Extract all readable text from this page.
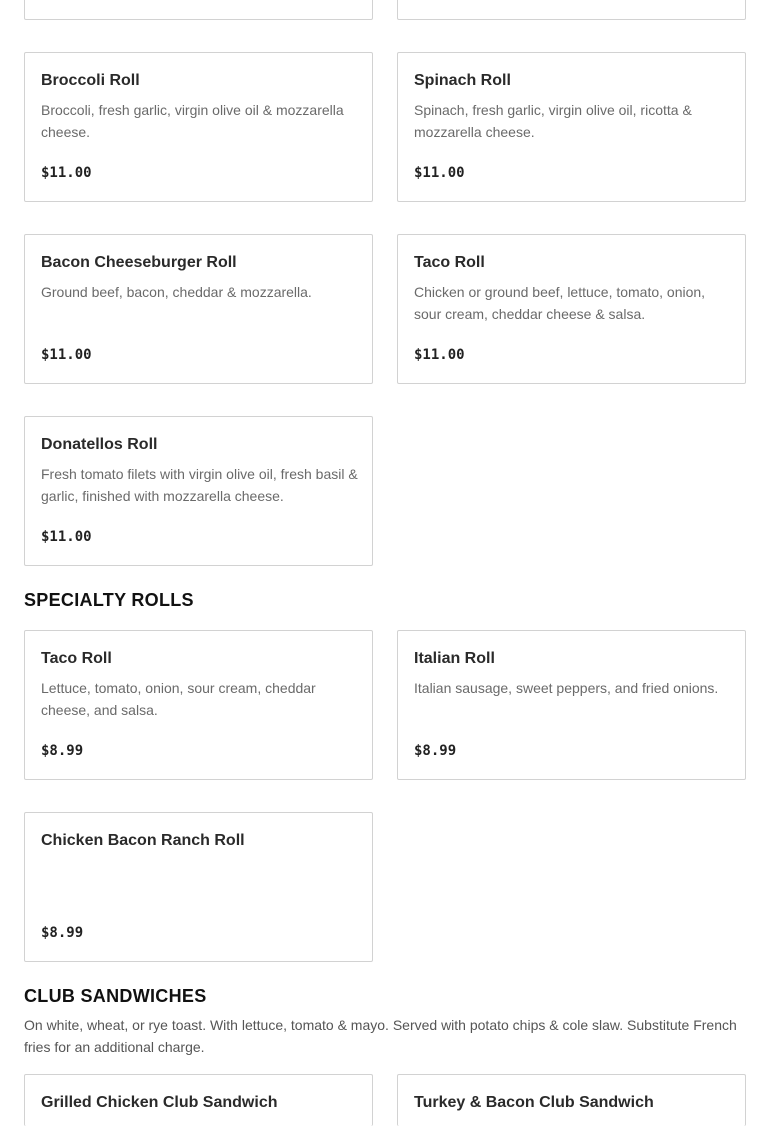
Broccoli Roll

Broccoli, fresh garlic, virgin olive oil & mozzarella cheese.

$11.00

Spinach Roll

Spinach, fresh garlic, virgin olive oil, ricotta & mozzarella cheese.

$11.00

Bacon Cheeseburger Roll

Ground beef, bacon, cheddar & mozzarella.

$11.00

Taco Roll

Chicken or ground beef, lettuce, tomato, onion, sour cream, cheddar cheese & salsa.

$11.00

Donatellos Roll

Fresh tomato filets with virgin olive oil, fresh basil & garlic, finished with mozzarella cheese.

$11.00

SPECIALTY ROLLS

Taco Roll

Lettuce, tomato, onion, sour cream, cheddar cheese, and salsa.

$8.99

Italian Roll

Italian sausage, sweet peppers, and fried onions.

$8.99

Chicken Bacon Ranch Roll

$8.99

CLUB SANDWICHES

On white, wheat, or rye toast. With lettuce, tomato & mayo. Served with potato chips & cole slaw. Substitute French fries for an additional charge.

Grilled Chicken Club Sandwich	Turkey & Bacon Club Sandwich
